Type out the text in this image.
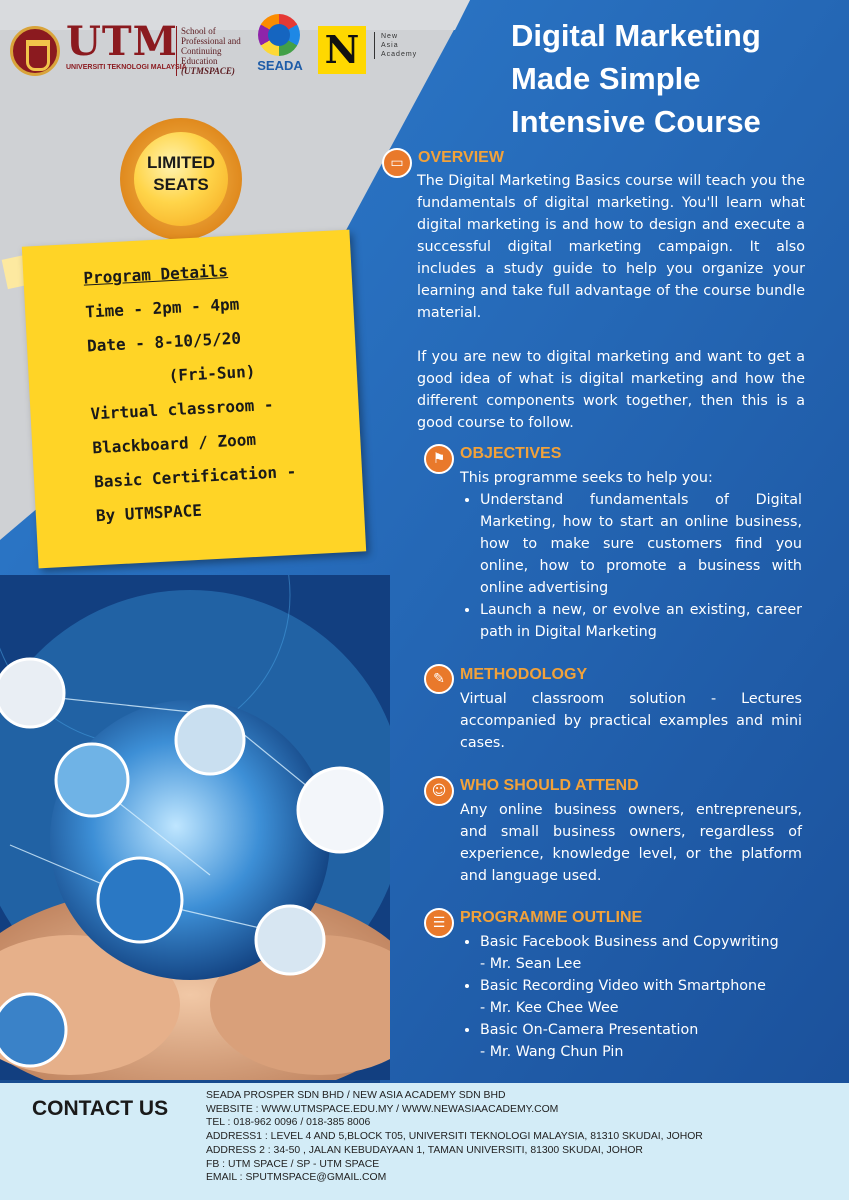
UTM
UNIVERSITI TEKNOLOGI MALAYSIA
School of
Professional and
Continuing
Education
(UTMSPACE)	SEADA N	New
Asia
Academy
Digital Marketing
Made Simple
Intensive Course
LIMITED
SEATS
Program Details
Time - 2pm - 4pm
Date - 8-10/5/20
(Fri-Sun)
Virtual classroom -
Blackboard / Zoom
Basic Certification -
By UTMSPACE
▭ OVERVIEW
The Digital Marketing Basics course will teach you the fundamentals of digital marketing. You'll learn what digital marketing is and how to design and execute a successful digital marketing campaign. It also includes a study guide to help you organize your learning and take full advantage of the course bundle material.
If you are new to digital marketing and want to get a good idea of what is digital marketing and how the different components work together, then this is a good course to follow.
⚑ OBJECTIVES
This programme seeks to help you:
• Understand fundamentals of Digital Marketing, how to start an online business, how to make sure customers find you online, how to promote a business with online advertising
• Launch a new, or evolve an existing, career path in Digital Marketing
✎ METHODOLOGY
Virtual classroom solution - Lectures accompanied by practical examples and mini cases.
☺ WHO SHOULD ATTEND
Any online business owners, entrepreneurs, and small business owners, regardless of experience, knowledge level, or the platform and language used.
☰ PROGRAMME OUTLINE
• Basic Facebook Business and Copywriting
- Mr. Sean Lee
• Basic Recording Video with Smartphone
- Mr. Kee Chee Wee
• Basic On-Camera Presentation
- Mr. Wang Chun Pin
CONTACT US
SEADA PROSPER SDN BHD / NEW ASIA ACADEMY SDN BHD
WEBSITE : WWW.UTMSPACE.EDU.MY / WWW.NEWASIAACADEMY.COM
TEL : 018-962 0096 / 018-385 8006
ADDRESS1 : LEVEL 4 AND 5,BLOCK T05, UNIVERSITI TEKNOLOGI MALAYSIA, 81310 SKUDAI, JOHOR
ADDRESS 2 : 34-50 , JALAN KEBUDAYAAN 1, TAMAN UNIVERSITI, 81300 SKUDAI, JOHOR
FB : UTM SPACE / SP - UTM SPACE
EMAIL : SPUTMSPACE@GMAIL.COM
